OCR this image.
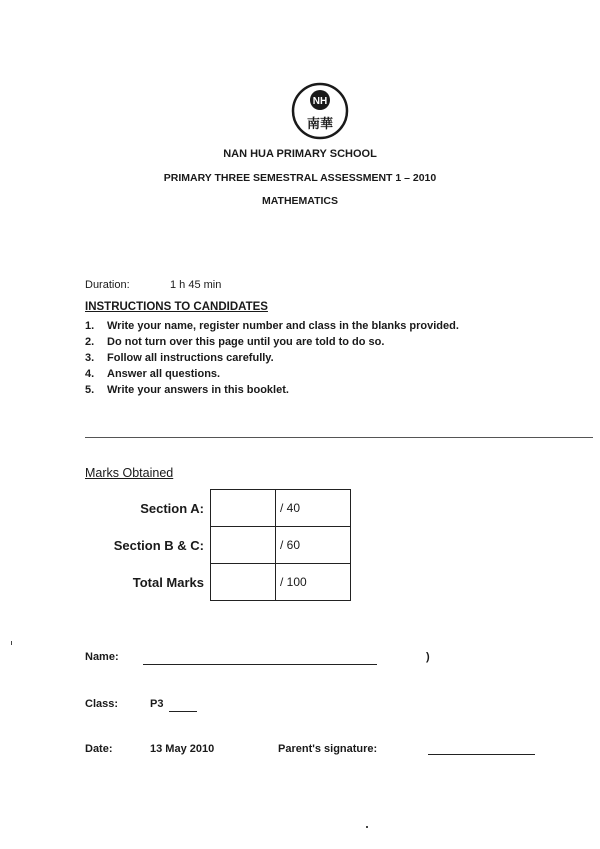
NH
南華
NAN HUA PRIMARY SCHOOL
PRIMARY THREE SEMESTRAL ASSESSMENT 1 – 2010
MATHEMATICS
Duration:	1 h 45 min
INSTRUCTIONS TO CANDIDATES
1. Write your name, register number and class in the blanks provided.
2. Do not turn over this page until you are told to do so.
3. Follow all instructions carefully.
4. Answer all questions.
5. Write your answers in this booklet.
Marks Obtained
Section A:		/ 40
Section B & C:		/ 60
Total Marks		/ 100
Name:	)
Class:	P3
Date:	13 May 2010	Parent's signature:
